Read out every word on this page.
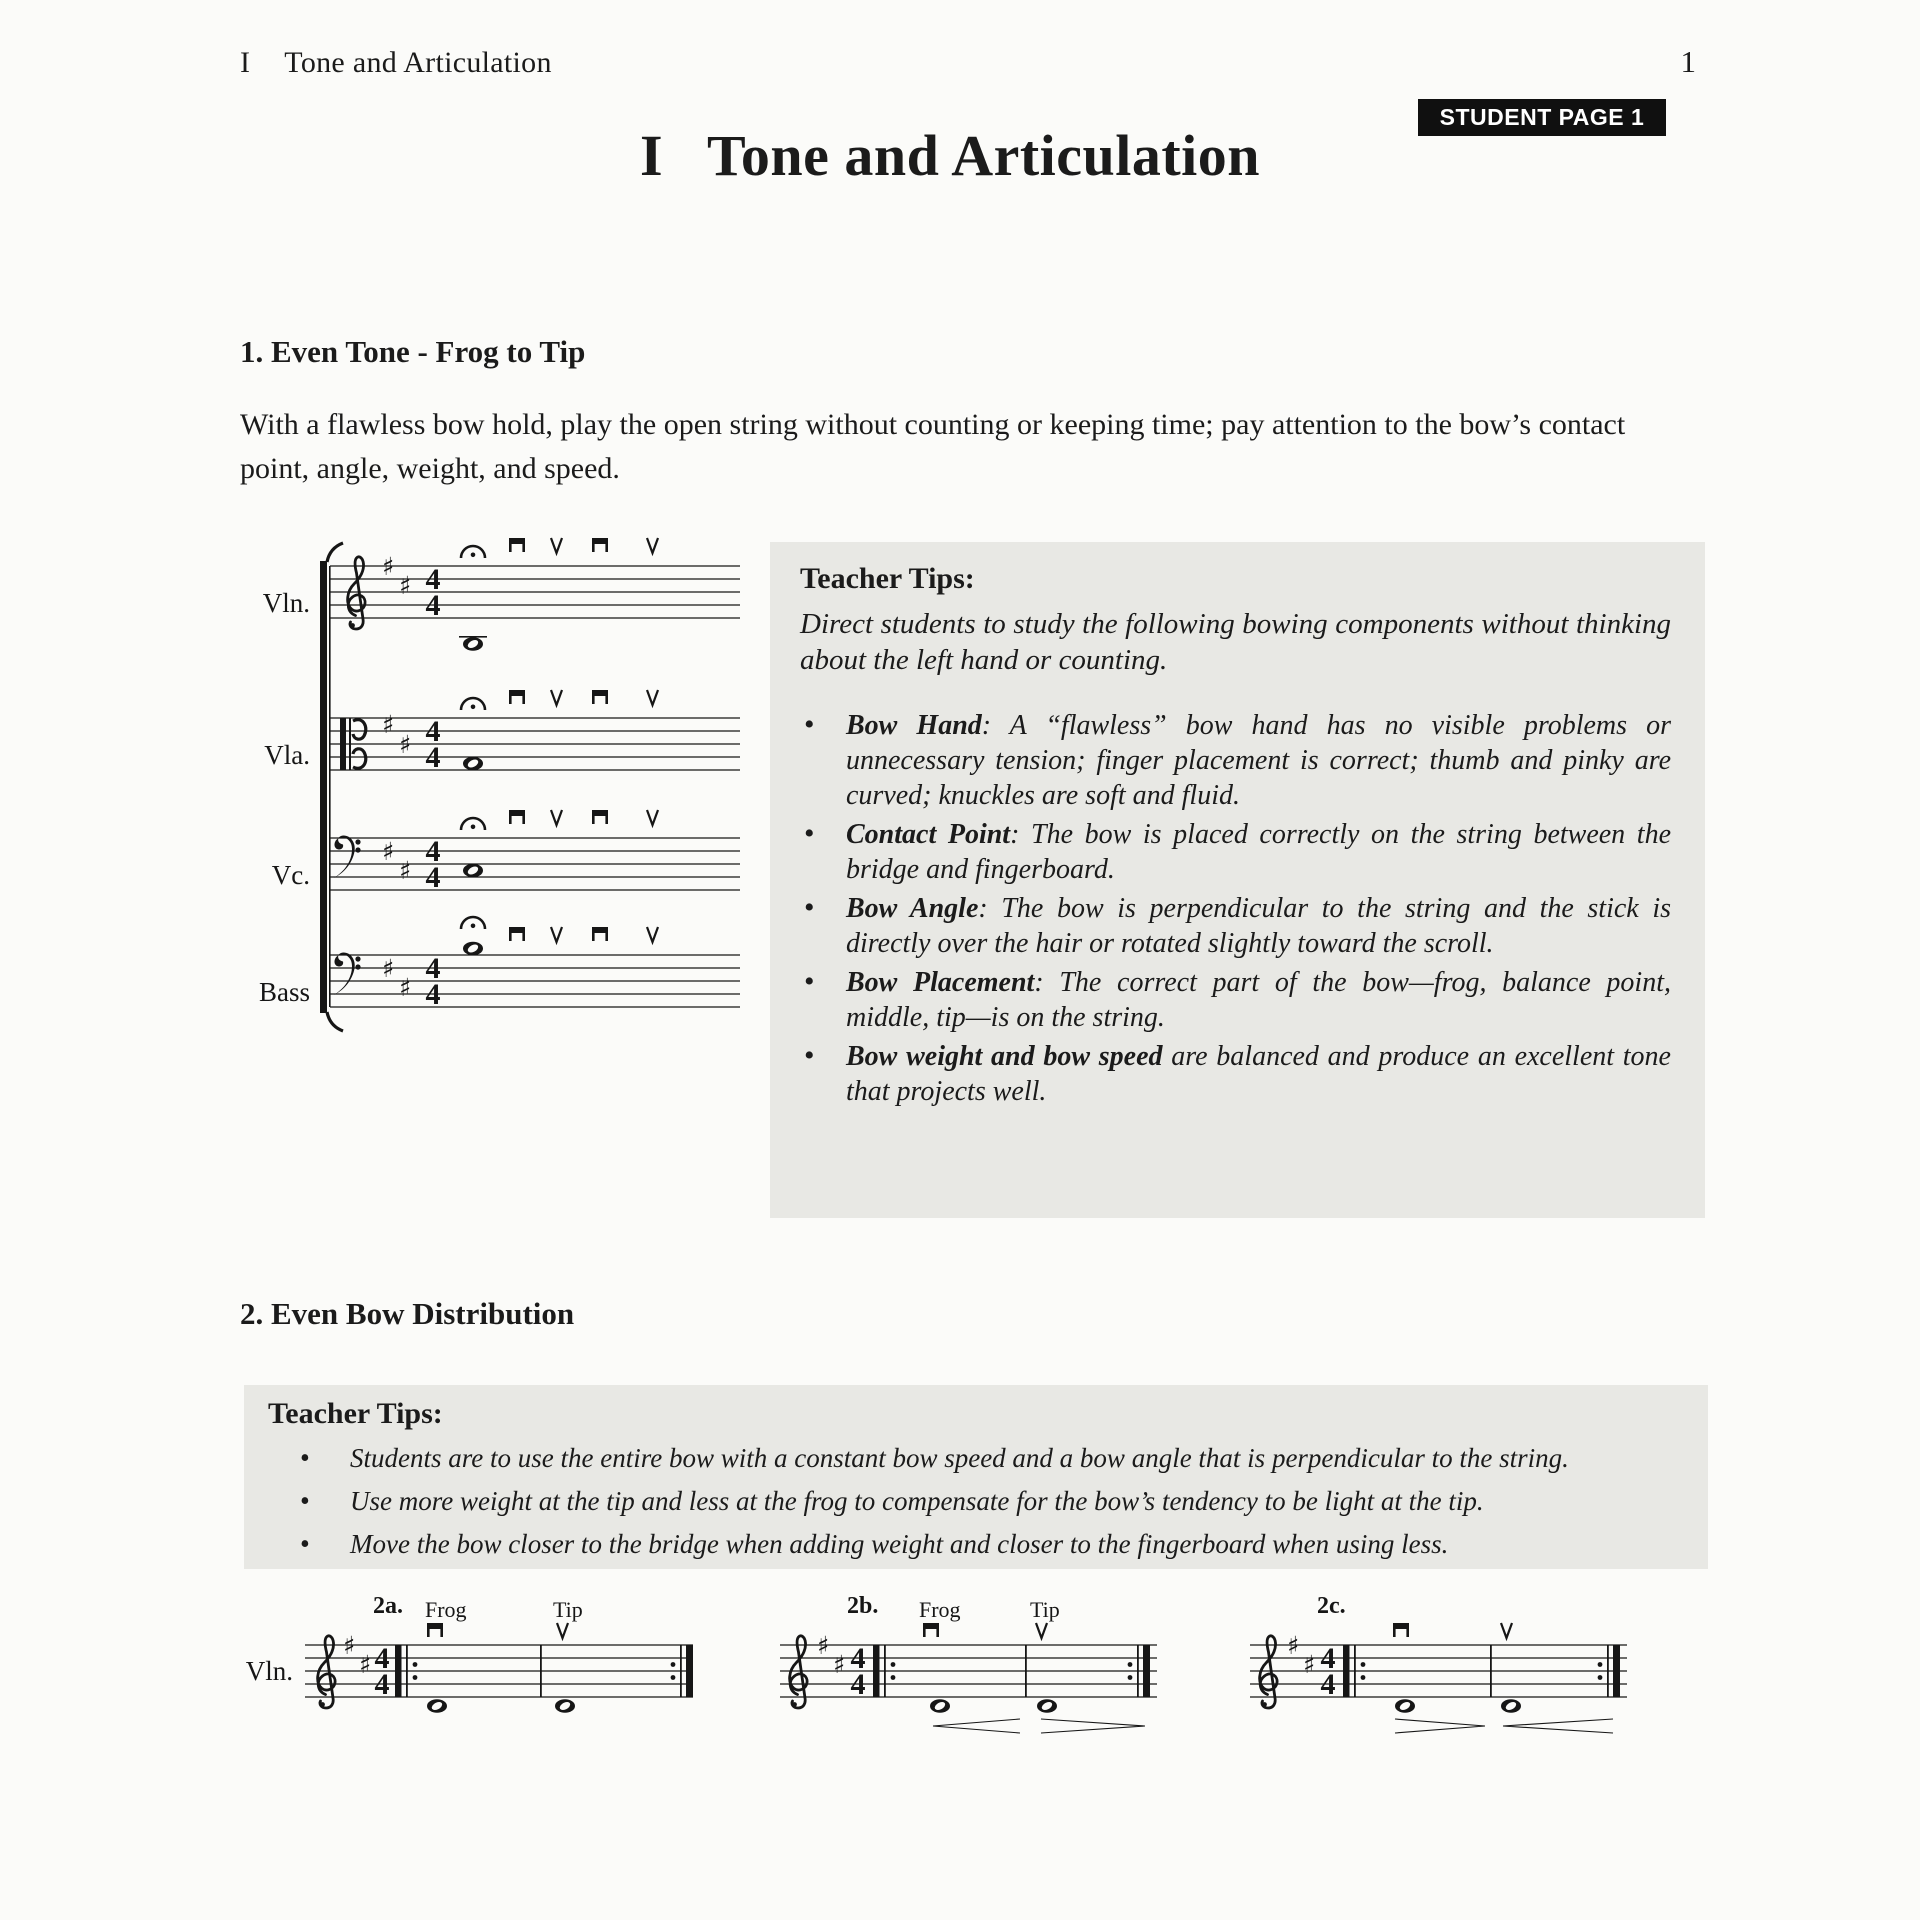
I Tone and Articulation	1
STUDENT PAGE 1
I Tone and Articulation
1. Even Tone - Frog to Tip
With a flawless bow hold, play the open string without counting or keeping time; pay attention to the bow’s contact point, angle, weight, and speed.
Vln.
Vla.
Vc.
Bass
♯
♯ 4
4
♯
♯ 4
4
♯
♯
4
4
♯
♯
4
4

Teacher Tips:

Direct students to study the following bowing components without thinking about the left hand or counting.

• Bow Hand: A “flawless” bow hand has no visible problems or unnecessary tension; finger placement is correct; thumb and pinky are curved; knuckles are soft and fluid.

• Contact Point: The bow is placed correctly on the string between the bridge and fingerboard.

• Bow Angle: The bow is perpendicular to the string and the stick is directly over the hair or rotated slightly toward the scroll.

• Bow Placement: The correct part of the bow—frog, balance point, middle, tip—is on the string.

• Bow weight and bow speed are balanced and produce an excellent tone that projects well.

2. Even Bow Distribution

Teacher Tips:

• Students are to use the entire bow with a constant bow speed and a bow angle that is perpendicular to the string.

• Use more weight at the tip and less at the frog to compensate for the bow’s tendency to be light at the tip.

• Move the bow closer to the bridge when adding weight and closer to the fingerboard when using less.

Vln.
♯
♯ 4
4
2a. Frog	Tip
♯
♯ 4
4
2b. Frog	Tip
♯
♯ 4
4
2c.
